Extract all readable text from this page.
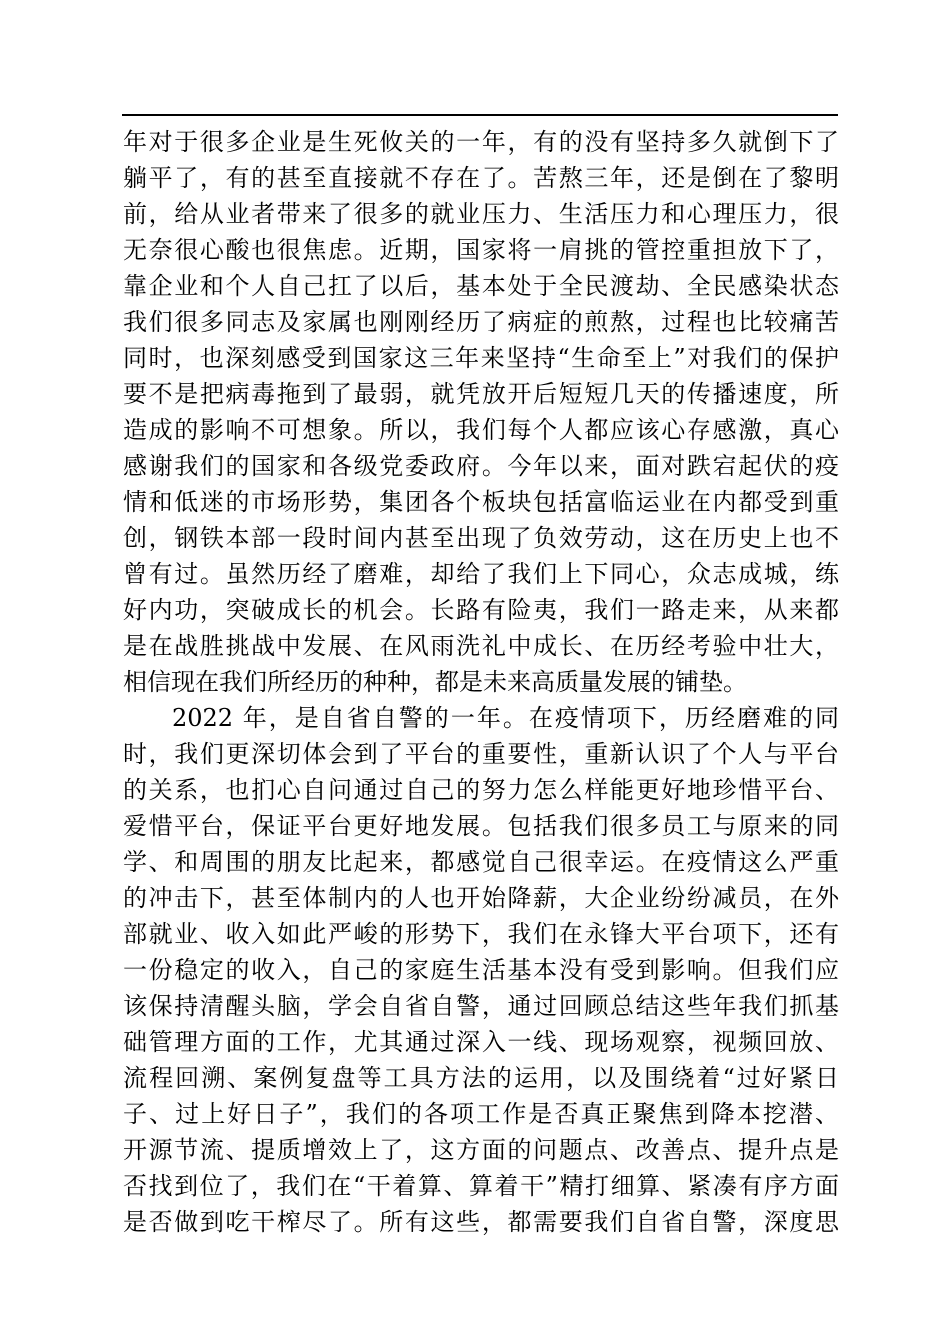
年对于很多企业是生死攸关的一年，有的没有坚持多久就倒下了
躺平了，有的甚至直接就不存在了。苦熬三年，还是倒在了黎明
前，给从业者带来了很多的就业压力、生活压力和心理压力，很
无奈很心酸也很焦虑。近期，国家将一肩挑的管控重担放下了，
靠企业和个人自己扛了以后，基本处于全民渡劫、全民感染状态
我们很多同志及家属也刚刚经历了病症的煎熬，过程也比较痛苦
同时，也深刻感受到国家这三年来坚持“生命至上”对我们的保护
要不是把病毒拖到了最弱，就凭放开后短短几天的传播速度，所
造成的影响不可想象。所以，我们每个人都应该心存感激，真心
感谢我们的国家和各级党委政府。今年以来，面对跌宕起伏的疫
情和低迷的市场形势，集团各个板块包括富临运业在内都受到重
创，钢铁本部一段时间内甚至出现了负效劳动，这在历史上也不
曾有过。虽然历经了磨难，却给了我们上下同心，众志成城，练
好内功，突破成长的机会。长路有险夷，我们一路走来，从来都
是在战胜挑战中发展、在风雨洗礼中成长、在历经考验中壮大，
相信现在我们所经历的种种，都是未来高质量发展的铺垫。
2022 年，是自省自警的一年。在疫情项下，历经磨难的同
时，我们更深切体会到了平台的重要性，重新认识了个人与平台
的关系，也扪心自问通过自己的努力怎么样能更好地珍惜平台、
爱惜平台，保证平台更好地发展。包括我们很多员工与原来的同
学、和周围的朋友比起来，都感觉自己很幸运。在疫情这么严重
的冲击下，甚至体制内的人也开始降薪，大企业纷纷减员，在外
部就业、收入如此严峻的形势下，我们在永锋大平台项下，还有
一份稳定的收入，自己的家庭生活基本没有受到影响。但我们应
该保持清醒头脑，学会自省自警，通过回顾总结这些年我们抓基
础管理方面的工作，尤其通过深入一线、现场观察，视频回放、
流程回溯、案例复盘等工具方法的运用，以及围绕着“过好紧日
子、过上好日子”，我们的各项工作是否真正聚焦到降本挖潜、
开源节流、提质增效上了，这方面的问题点、改善点、提升点是
否找到位了，我们在“干着算、算着干”精打细算、紧凑有序方面
是否做到吃干榨尽了。所有这些，都需要我们自省自警，深度思
